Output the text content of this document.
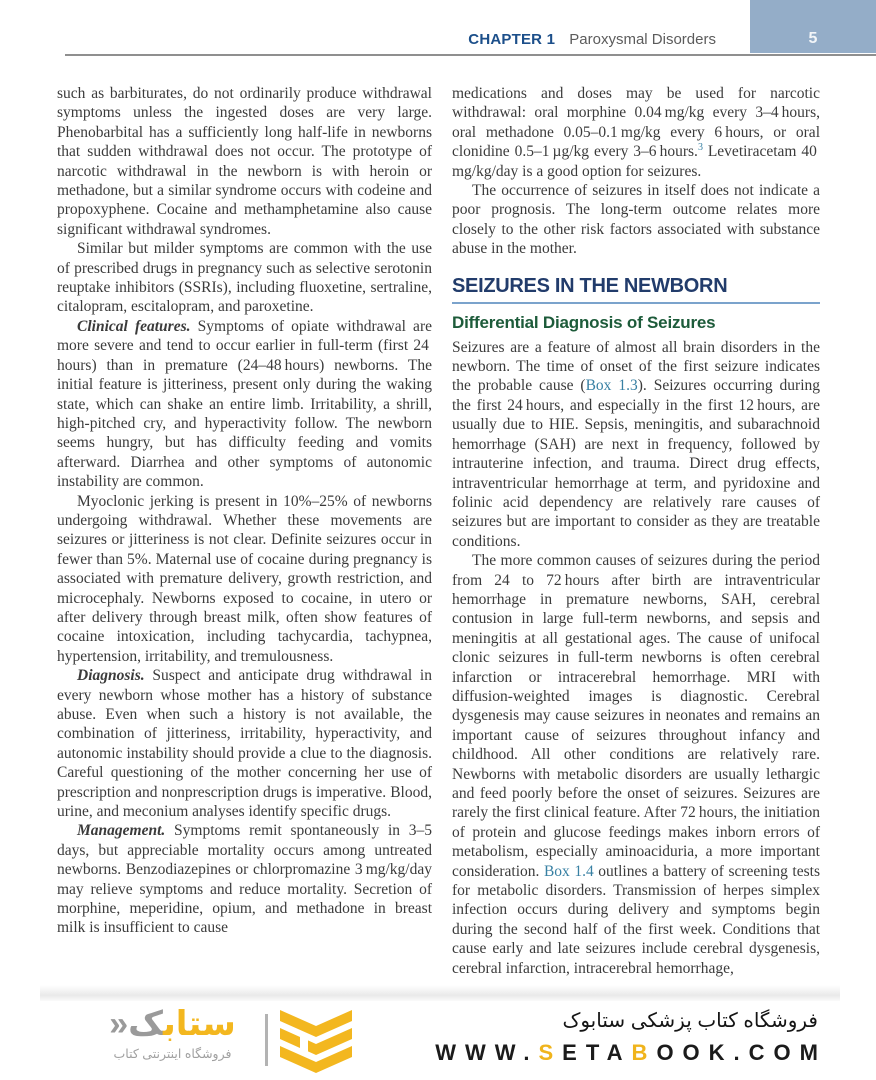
CHAPTER 1 Paroxysmal Disorders	5

such as barbiturates, do not ordinarily produce withdrawal symptoms unless the ingested doses are very large. Phenobarbital has a sufficiently long half-life in newborns that sudden withdrawal does not occur. The prototype of narcotic withdrawal in the newborn is with heroin or methadone, but a similar syndrome occurs with codeine and propoxyphene. Cocaine and methamphetamine also cause significant withdrawal syndromes.

Similar but milder symptoms are common with the use of prescribed drugs in pregnancy such as selective serotonin reuptake inhibitors (SSRIs), including fluoxetine, sertraline, citalopram, escitalopram, and paroxetine.

Clinical features. Symptoms of opiate withdrawal are more severe and tend to occur earlier in full-term (first 24 hours) than in premature (24–48 hours) newborns. The initial feature is jitteriness, present only during the waking state, which can shake an entire limb. Irritability, a shrill, high-pitched cry, and hyperactivity follow. The newborn seems hungry, but has difficulty feeding and vomits afterward. Diarrhea and other symptoms of autonomic instability are common.

Myoclonic jerking is present in 10%–25% of newborns undergoing withdrawal. Whether these movements are seizures or jitteriness is not clear. Definite seizures occur in fewer than 5%. Maternal use of cocaine during pregnancy is associated with premature delivery, growth restriction, and microcephaly. Newborns exposed to cocaine, in utero or after delivery through breast milk, often show features of cocaine intoxication, including tachycardia, tachypnea, hypertension, irritability, and tremulousness.

Diagnosis. Suspect and anticipate drug withdrawal in every newborn whose mother has a history of substance abuse. Even when such a history is not available, the combination of jitteriness, irritability, hyperactivity, and autonomic instability should provide a clue to the diagnosis. Careful questioning of the mother concerning her use of prescription and nonprescription drugs is imperative. Blood, urine, and meconium analyses identify specific drugs.

Management. Symptoms remit spontaneously in 3–5 days, but appreciable mortality occurs among untreated newborns. Benzodiazepines or chlorpromazine 3 mg/kg/day may relieve symptoms and reduce mortality. Secretion of morphine, meperidine, opium, and methadone in breast milk is insufficient to cause

medications and doses may be used for narcotic withdrawal: oral morphine 0.04 mg/kg every 3–4 hours, oral methadone 0.05–0.1 mg/kg every 6 hours, or oral clonidine 0.5–1 µg/kg every 3–6 hours.$^3$ Levetiracetam 40 mg/kg/day is a good option for seizures.

The occurrence of seizures in itself does not indicate a poor prognosis. The long-term outcome relates more closely to the other risk factors associated with substance abuse in the mother.

SEIZURES IN THE NEWBORN
Differential Diagnosis of Seizures

Seizures are a feature of almost all brain disorders in the newborn. The time of onset of the first seizure indicates the probable cause (Box 1.3). Seizures occurring during the first 24 hours, and especially in the first 12 hours, are usually due to HIE. Sepsis, meningitis, and subarachnoid hemorrhage (SAH) are next in frequency, followed by intrauterine infection, and trauma. Direct drug effects, intraventricular hemorrhage at term, and pyridoxine and folinic acid dependency are relatively rare causes of seizures but are important to consider as they are treatable conditions.

The more common causes of seizures during the period from 24 to 72 hours after birth are intraventricular hemorrhage in premature newborns, SAH, cerebral contusion in large full-term newborns, and sepsis and meningitis at all gestational ages. The cause of unifocal clonic seizures in full-term newborns is often cerebral infarction or intracerebral hemorrhage. MRI with diffusion-weighted images is diagnostic. Cerebral dysgenesis may cause seizures in neonates and remains an important cause of seizures throughout infancy and childhood. All other conditions are relatively rare. Newborns with metabolic disorders are usually lethargic and feed poorly before the onset of seizures. Seizures are rarely the first clinical feature. After 72 hours, the initiation of protein and glucose feedings makes inborn errors of metabolism, especially aminoaciduria, a more important consideration. Box 1.4 outlines a battery of screening tests for metabolic disorders. Transmission of herpes simplex infection occurs during delivery and symptoms begin during the second half of the first week. Conditions that cause early and late seizures include cerebral dysgenesis, cerebral infarction, intracerebral hemorrhage,

ستابک«
فروشگاه اینترنتی کتاب
فروشگاه کتاب پزشکی ستابوک
WWW.SETABOOK.COM
